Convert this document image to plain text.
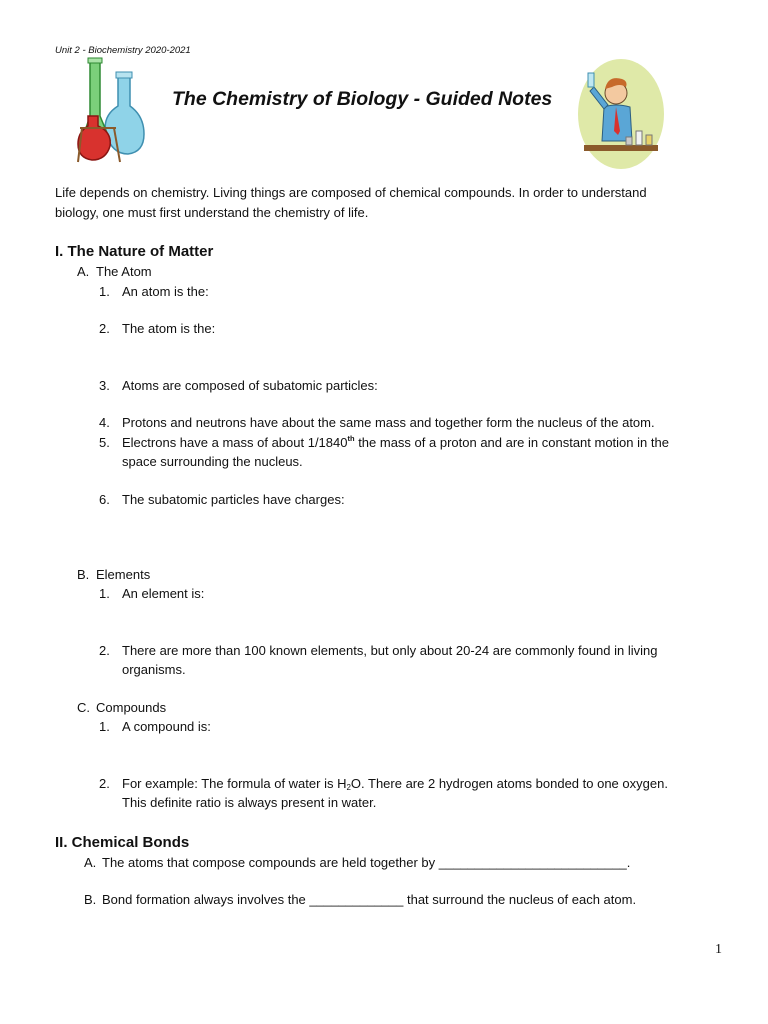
Unit 2 - Biochemistry 2020-2021
The Chemistry of Biology - Guided Notes
Life depends on chemistry. Living things are composed of chemical compounds. In order to understand
biology, one must first understand the chemistry of life.
I. The Nature of Matter
A. The Atom
1. An atom is the:
2. The atom is the:
3. Atoms are composed of subatomic particles:
4. Protons and neutrons have about the same mass and together form the nucleus of the atom.
5. Electrons have a mass of about 1/1840th the mass of a proton and are in constant motion in the
space surrounding the nucleus.
6. The subatomic particles have charges:
B. Elements
1. An element is:
2. There are more than 100 known elements, but only about 20-24 are commonly found in living
organisms.
C. Compounds
1. A compound is:
2. For example: The formula of water is $H_2O$. There are 2 hydrogen atoms bonded to one oxygen.
This definite ratio is always present in water.
II. Chemical Bonds
A. The atoms that compose compounds are held together by __________________________.
B. Bond formation always involves the _____________ that surround the nucleus of each atom.
1
